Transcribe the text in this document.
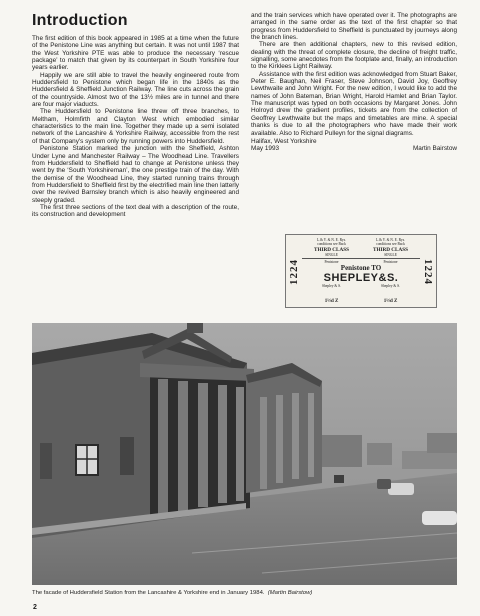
Introduction

The first edition of this book appeared in 1985 at a time when the future of the Penistone Line was anything but certain. It was not until 1987 that the West Yorkshire PTE was able to produce the necessary ‘rescue package’ to match that given by its counterpart in South Yorkshire four years earlier.

Happily we are still able to travel the heavily engineered route from Huddersfield to Penistone which began life in the 1840s as the Huddersfield & Sheffield Junction Railway. The line cuts across the grain of the countryside. Almost two of the 13½ miles are in tunnel and there are four major viaducts.

The Huddersfield to Penistone line threw off three branches, to Meltham, Holmfirth and Clayton West which embodied similar characteristics to the main line. Together they made up a semi isolated network of the Lancashire & Yorkshire Railway, accessible from the rest of that Company's system only by running powers into Huddersfield.

Penistone Station marked the junction with the Sheffield, Ashton Under Lyne and Manchester Railway – The Woodhead Line. Travellers from Huddersfield to Sheffield had to change at Penistone unless they went by the ‘South Yorkshireman’, the one prestige train of the day. With the demise of the Woodhead Line, they started running trains through from Huddersfield to Sheffield first by the electrified main line then latterly over the revived Barnsley branch which is also heavily engineered and steeply graded.

The first three sections of the text deal with a description of the route, its construction and development

and the train services which have operated over it. The photographs are arranged in the same order as the text of the first chapter so that progress from Huddersfield to Sheffield is punctuated by journeys along the branch lines.

There are then additional chapters, new to this revised edition, dealing with the threat of complete closure, the decline of freight traffic, signalling, some anecdotes from the footplate and, finally, an introduction to the Kirklees Light Railway.

Assistance with the first edition was acknowledged from Stuart Baker, Peter E. Baughan, Neil Fraser, Steve Johnson, David Joy, Geoffrey Lewthwaite and John Wright. For the new edition, I would like to add the names of John Bateman, Brian Wright, Harold Hamlet and Brian Taylor. The manuscript was typed on both occasions by Margaret Jones. John Holroyd drew the gradient profiles, tickets are from the collection of Geoffrey Lewthwaite but the maps and timetables are mine. A special thanks is due to all the photographers who have made their work available. Also to Richard Pulleyn for the signal diagrams.

Halifax, West Yorkshire
May 1993	Martin Bairstow
1224	1224
L.& Y. & N. E. Rys.	L.& Y. & N. E. Rys.
conditions see Back	conditions see Back
THIRD CLASS	THIRD CLASS
SINGLE	SINGLE
Penistone	Penistone
Penistone TO
SHEPLEY&S.
Shepley & S.	Shepley & S.
1½d Z	1½d Z
The facade of Huddersfield Station from the Lancashire & Yorkshire end in January 1984. (Martin Bairstow)
2
